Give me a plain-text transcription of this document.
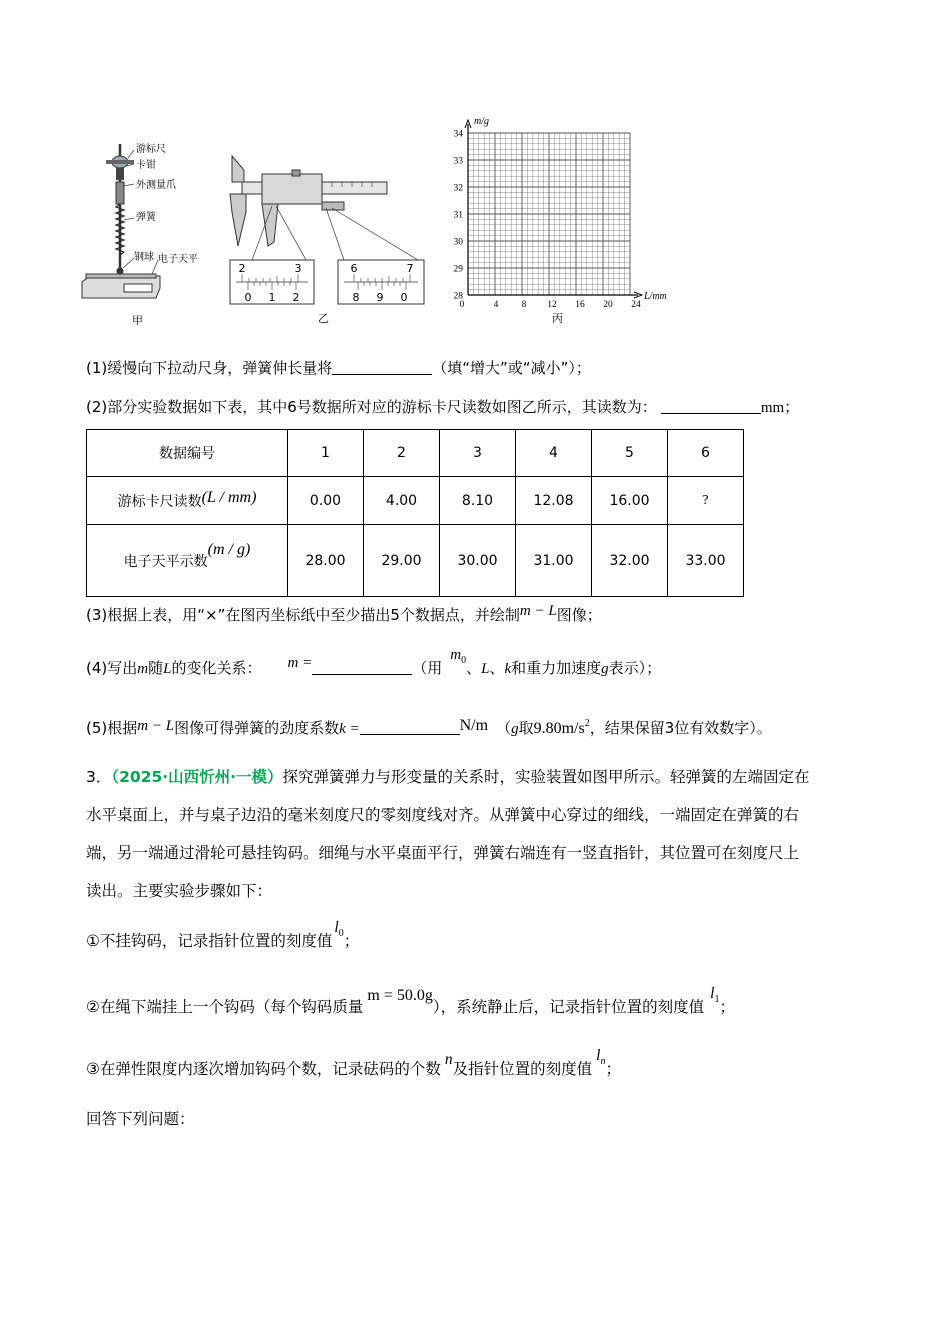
游标尺
卡钳
外测量爪
弹簧
钢球 电子天平
甲
2	3
0 1 2
6	7
8 9 0
乙
34
33
32
31
30
29
28
0	4 8 12 16 20 24
m/g
L/mm
丙
(1)缓慢向下拉动尺身，弹簧伸长量将	（填“增大”或“减小”）；
(2)部分实验数据如下表，其中6号数据所对应的游标卡尺读数如图乙所示，其读数为：	mm；
数据编号	1	2	3	4	5	6
游标卡尺读数(L / mm)	0.00	4.00	8.10	12.08	16.00	?
电子天平示数(m / g)	28.00	29.00	30.00	31.00	32.00	33.00
(3)根据上表，用“×”在图丙坐标纸中至少描出5个数据点，并绘制m − L图像；
(4)写出m随L的变化关系： m =	（用$m^0$、L、k和重力加速度g表示）；
(5)根据m − L图像可得弹簧的劲度系数k =	N/m （g取$9.80m/s^2$，结果保留3位有效数字）。
3．（2025·山西忻州·一模）探究弹簧弹力与形变量的关系时，实验装置如图甲所示。轻弹簧的左端固定在
水平桌面上，并与桌子边沿的毫米刻度尺的零刻度线对齐。从弹簧中心穿过的细线，一端固定在弹簧的右
端，另一端通过滑轮可悬挂钩码。细绳与水平桌面平行，弹簧右端连有一竖直指针，其位置可在刻度尺上
读出。主要实验步骤如下：
①不挂钩码，记录指针位置的刻度值$l^0$；
②在绳下端挂上一个钩码（每个钩码质量m = 50.0g），系统静止后，记录指针位置的刻度值$l^1$；
③在弹性限度内逐次增加钩码个数，记录砝码的个数n及指针位置的刻度值$l^n$；
回答下列问题：
